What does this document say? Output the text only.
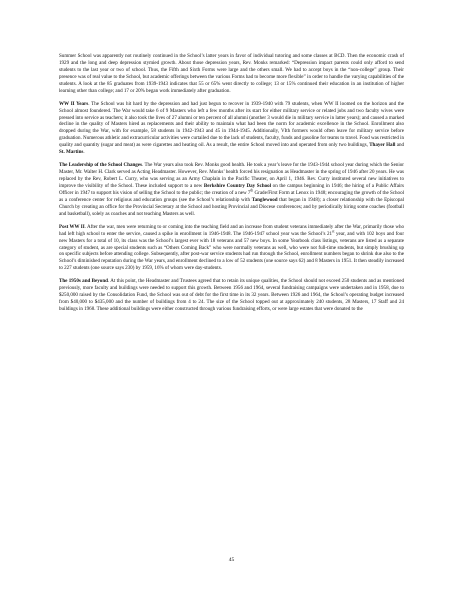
Summer School was apparently not routinely continued in the School’s latter years in favor of individual tutoring and some classes at BCD. Then the economic crash of 1929 and the long and deep depression stymied growth. About those depression years, Rev. Monks remarked: “Depression impact parents could only afford to send students to the last year or two of school. Thus, the Fifth and Sixth Forms were large and the others small. We had to accept boys in the “non-college” group. Their presence was of real value to the School, but academic offerings between the various Forms had to become more flexible” in order to handle the varying capabilities of the students. A look at the 85 graduates from 1939-1943 indicates that 55 or 65% went directly to college; 13 or 15% continued their education in an institution of higher learning other than college; and 17 or 20% began work immediately after graduation.

WW II Years. The School was hit hard by the depression and had just begun to recover in 1939-1940 with 79 students, when WW II loomed on the horizon and the School almost foundered. The War would take 6 of 9 Masters who left a few months after its start for either military service or related jobs and two faculty wives were pressed into service as teachers; it also took the lives of 27 alumni or ten percent of all alumni (another 3 would die in military service in latter years); and caused a marked decline in the quality of Masters hired as replacements and their ability to maintain what had been the norm for academic excellence in the School. Enrollment also dropped during the War, with for example, 58 students in 1942-1943 and 45 in 1944-1945. Additionally, VIth formers would often leave for military service before graduation. Numerous athletic and extracurricular activities were curtailed due to the lack of students, faculty, funds and gasoline for teams to travel. Food was restricted in quality and quantity (sugar and meat) as were cigarettes and heating oil. As a result, the entire School moved into and operated from only two buildings, Thayer Hall and St. Martins.

The Leadership of the School Changes. The War years also took Rev. Monks good health. He took a year’s leave for the 1943-1944 school year during which the Senior Master, Mr. Walter H. Clark served as Acting Headmaster. However, Rev. Monks’ health forced his resignation as Headmaster in the spring of 1946 after 20 years. He was replaced by the Rev, Robert L. Curry, who was serving as an Army Chaplain in the Pacific Theater, on April 1, 1946. Rev. Curry instituted several new initiatives to improve the visibility of the School. These included support to a new Berkshire Country Day School on the campus beginning in 1946; the hiring of a Public Affairs Officer in 1947 to support his vision of selling the School to the public; the creation of a new 7th Grade/First Form at Lenox in 1948; encouraging the growth of the School as a conference center for religious and education groups (see the School’s relationship with Tanglewood that began in 1948); a closer relationship with the Episcopal Church by creating an office for the Provincial Secretary at the School and hosting Provincial and Diocese conferences; and by periodically hiring some coaches (football and basketball), solely as coaches and not teaching Masters as well.

Post WW II. After the war, men were returning to or coming into the teaching field and an increase from student veterans immediately after the War, primarily those who had left high school to enter the service, caused a spike in enrollment in 1946-1948. The 1946-1947 school year was the School’s 21st year, and with 102 boys and four new Masters for a total of 10, its class was the School’s largest ever with 18 veterans and 57 new boys. In some Yearbook class listings, veterans are listed as a separate category of student, as are special students such as “Others Coming Back” who were normally veterans as well, who were not full-time students, but simply brushing up on specific subjects before attending college. Subsequently, after post-war service students had run through the School, enrollment numbers began to shrink due also to the School’s diminished reputation during the War years, and enrollment declined to a low of 52 students (one source says 62) and 8 Masters in 1951. It then steadily increased to 227 students (one source says 230) by 1959, 16% of whom were day-students.

The 1950s and Beyond. At this point, the Headmaster and Trustees agreed that to retain its unique qualities, the School should not exceed 250 students and as mentioned previously, more faculty and buildings were needed to support this growth. Between 1956 and 1964, several fundraising campaigns were undertaken and in 1958, due to $250,000 raised by the Consolidation Fund, the School was out of debt for the first time in its 32 years. Between 1926 and 1964, the School’s operating budget increased from $40,000 to $435,000 and the number of buildings from 4 to 24. The size of the School topped out at approximately 240 students, 28 Masters, 17 Staff and 24 buildings in 1968. These additional buildings were either constructed through various fundraising efforts, or were large estates that were donated to the

45
